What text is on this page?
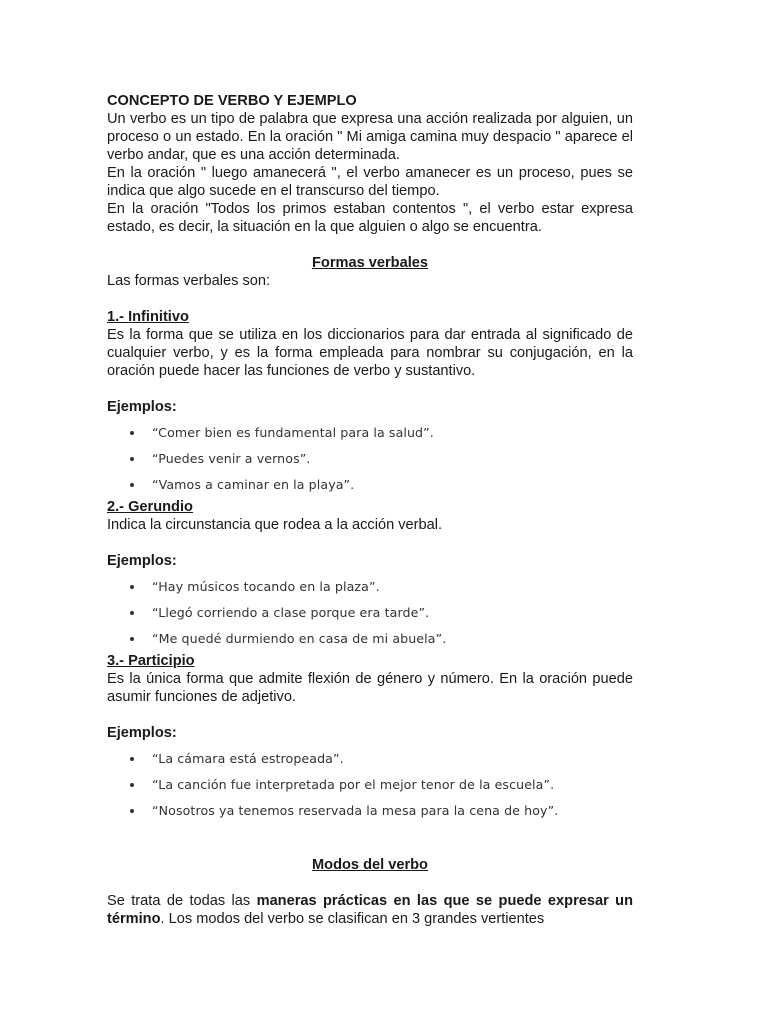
CONCEPTO DE VERBO Y EJEMPLO

Un verbo es un tipo de palabra que expresa una acción realizada por alguien, un proceso o un estado. En la oración " Mi amiga camina muy despacio " aparece el verbo andar, que es una acción determinada.

En la oración " luego amanecerá ", el verbo amanecer es un proceso, pues se indica que algo sucede en el transcurso del tiempo.

En la oración "Todos los primos estaban contentos ", el verbo estar expresa estado, es decir, la situación en la que alguien o algo se encuentra.

Formas verbales

Las formas verbales son:

1.- Infinitivo

Es la forma que se utiliza en los diccionarios para dar entrada al significado de cualquier verbo, y es la forma empleada para nombrar su conjugación, en la oración puede hacer las funciones de verbo y sustantivo.

Ejemplos:

“Comer bien es fundamental para la salud”.
“Puedes venir a vernos”.
“Vamos a caminar en la playa”.

2.- Gerundio

Indica la circunstancia que rodea a la acción verbal.

Ejemplos:

“Hay músicos tocando en la plaza”.
“Llegó corriendo a clase porque era tarde”.
“Me quedé durmiendo en casa de mi abuela”.

3.- Participio

Es la única forma que admite flexión de género y número. En la oración puede asumir funciones de adjetivo.

Ejemplos:

“La cámara está estropeada”.
“La canción fue interpretada por el mejor tenor de la escuela”.
“Nosotros ya tenemos reservada la mesa para la cena de hoy”.

Modos del verbo

Se trata de todas las maneras prácticas en las que se puede expresar un término. Los modos del verbo se clasifican en 3 grandes vertientes
